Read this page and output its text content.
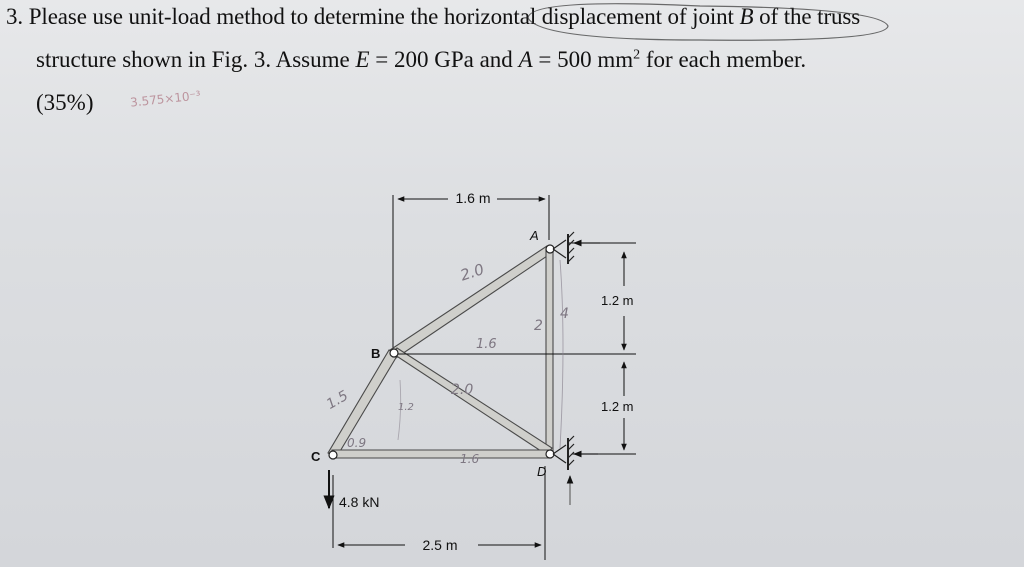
3. Please use unit-load method to determine the horizontal displacement of joint B of the truss
structure shown in Fig. 3. Assume E = 200 GPa and A = 500 $mm^2$ for each member.
(35%)	3.575×10⁻³
1.6 m
A
B
C
D
1.2 m
1.2 m
2.5 m
4.8 kN
2.0
1.6
2
4
2.0
1.5	1.2
0.9
1.6
